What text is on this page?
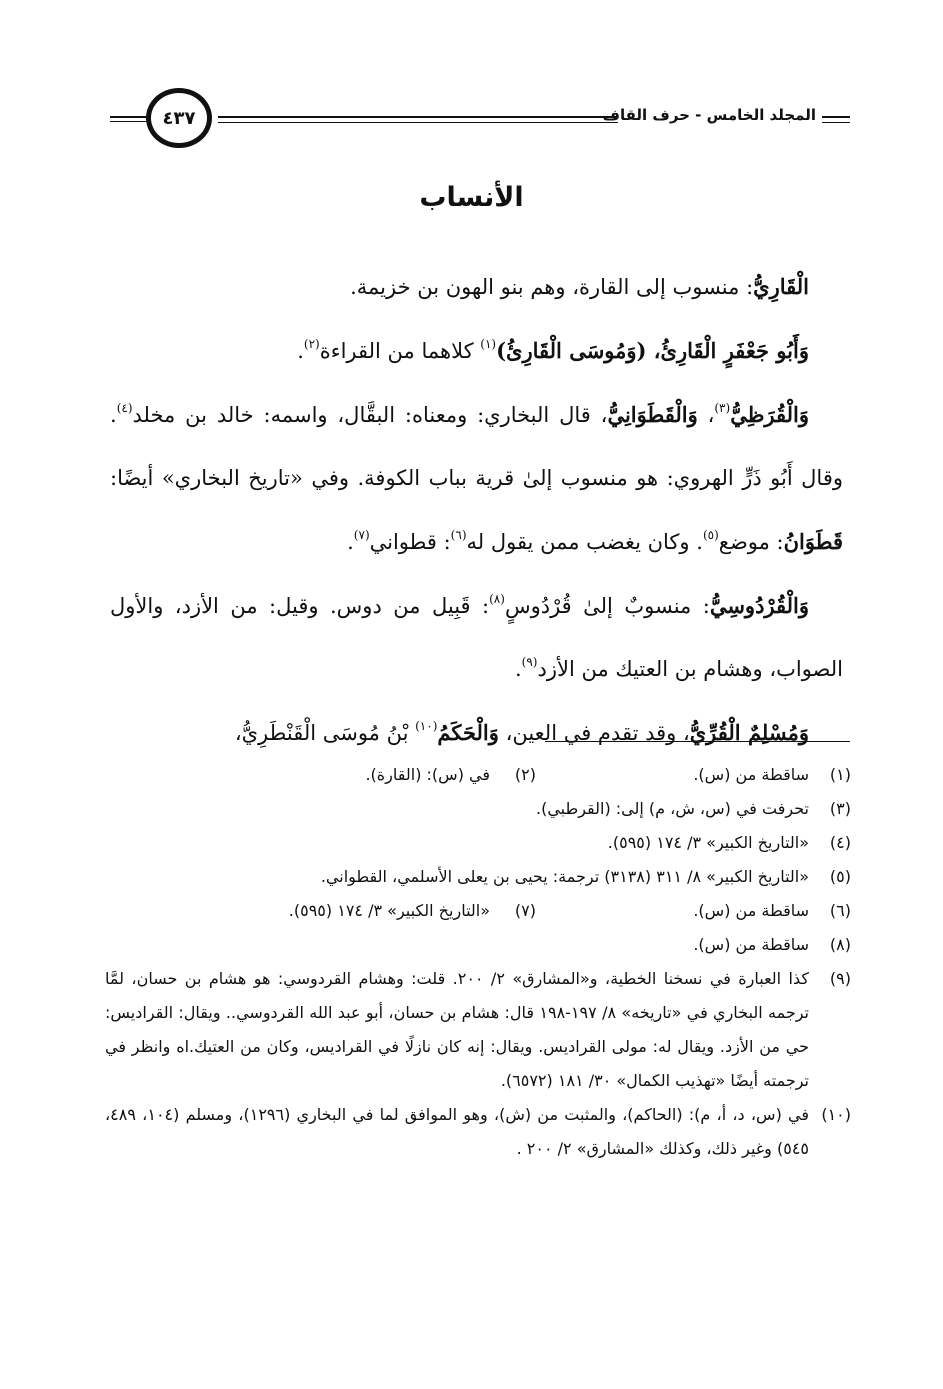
المجلد الخامس - حرف القاف
٤٣٧
الأنساب

الْقَارِيُّ: منسوب إلى القارة، وهم بنو الهون بن خزيمة.

وَأَبُو جَعْفَرٍ الْقَارِئُ، (وَمُوسَى الْقَارِئُ)$^{(١)}$ كلاهما من القراءة$^{(٢)}$.

وَالْقُرَظِيُّ$^{(٣)}$، وَالْقَطَوَانِيُّ، قال البخاري: ومعناه: البقَّال، واسمه: خالد بن مخلد$^{(٤)}$. وقال أَبُو ذَرٍّ الهروي: هو منسوب إلىٰ قرية بباب الكوفة. وفي «تاريخ البخاري» أيضًا: قَطَوَانُ: موضع$^{(٥)}$. وكان يغضب ممن يقول له$^{(٦)}$: قطواني$^{(٧)}$.

وَالْقُرْدُوسِيُّ: منسوبٌ إلىٰ قُرْدُوسٍ$^{(٨)}$: قَبِيل من دوس. وقيل: من الأزد، والأول الصواب، وهشام بن العتيك من الأزد$^{(٩)}$.

وَمُسْلِمٌ الْقُرِّيُّ، وقد تقدم في العين، وَالْحَكَمُ$^{(١٠)}$ بْنُ مُوسَى الْقَنْطَرِيُّ،

(١)
ساقطة من (س).
(٢)
في (س): (القارة).
(٣)
تحرفت في (س، ش، م) إلى: (القرطبي).
(٤)
«التاريخ الكبير» ٣/ ١٧٤ (٥٩٥).
(٥)
«التاريخ الكبير» ٨/ ٣١١ (٣١٣٨) ترجمة: يحيى بن يعلى الأسلمي، القطواني.
(٦)
ساقطة من (س).
(٧)
«التاريخ الكبير» ٣/ ١٧٤ (٥٩٥).
(٨)
ساقطة من (س).
(٩)
كذا العبارة في نسخنا الخطية، و«المشارق» ٢/ ٢٠٠. قلت: وهشام القردوسي: هو هشام بن حسان، لمَّا ترجمه البخاري في «تاريخه» ٨/ ١٩٧-١٩٨ قال: هشام بن حسان، أبو عبد الله القردوسي.. ويقال: القراديس: حي من الأزد. ويقال له: مولى القراديس. ويقال: إنه كان نازلًا في القراديس، وكان من العتيك.اه وانظر في ترجمته أيضًا «تهذيب الكمال» ٣٠/ ١٨١ (٦٥٧٢).
(١٠)
في (س، د، أ، م): (الحاكم)، والمثبت من (ش)، وهو الموافق لما في البخاري (١٢٩٦)، ومسلم (١٠٤، ٤٨٩، ٥٤٥) وغير ذلك، وكذلك «المشارق» ٢/ ٢٠٠ .
